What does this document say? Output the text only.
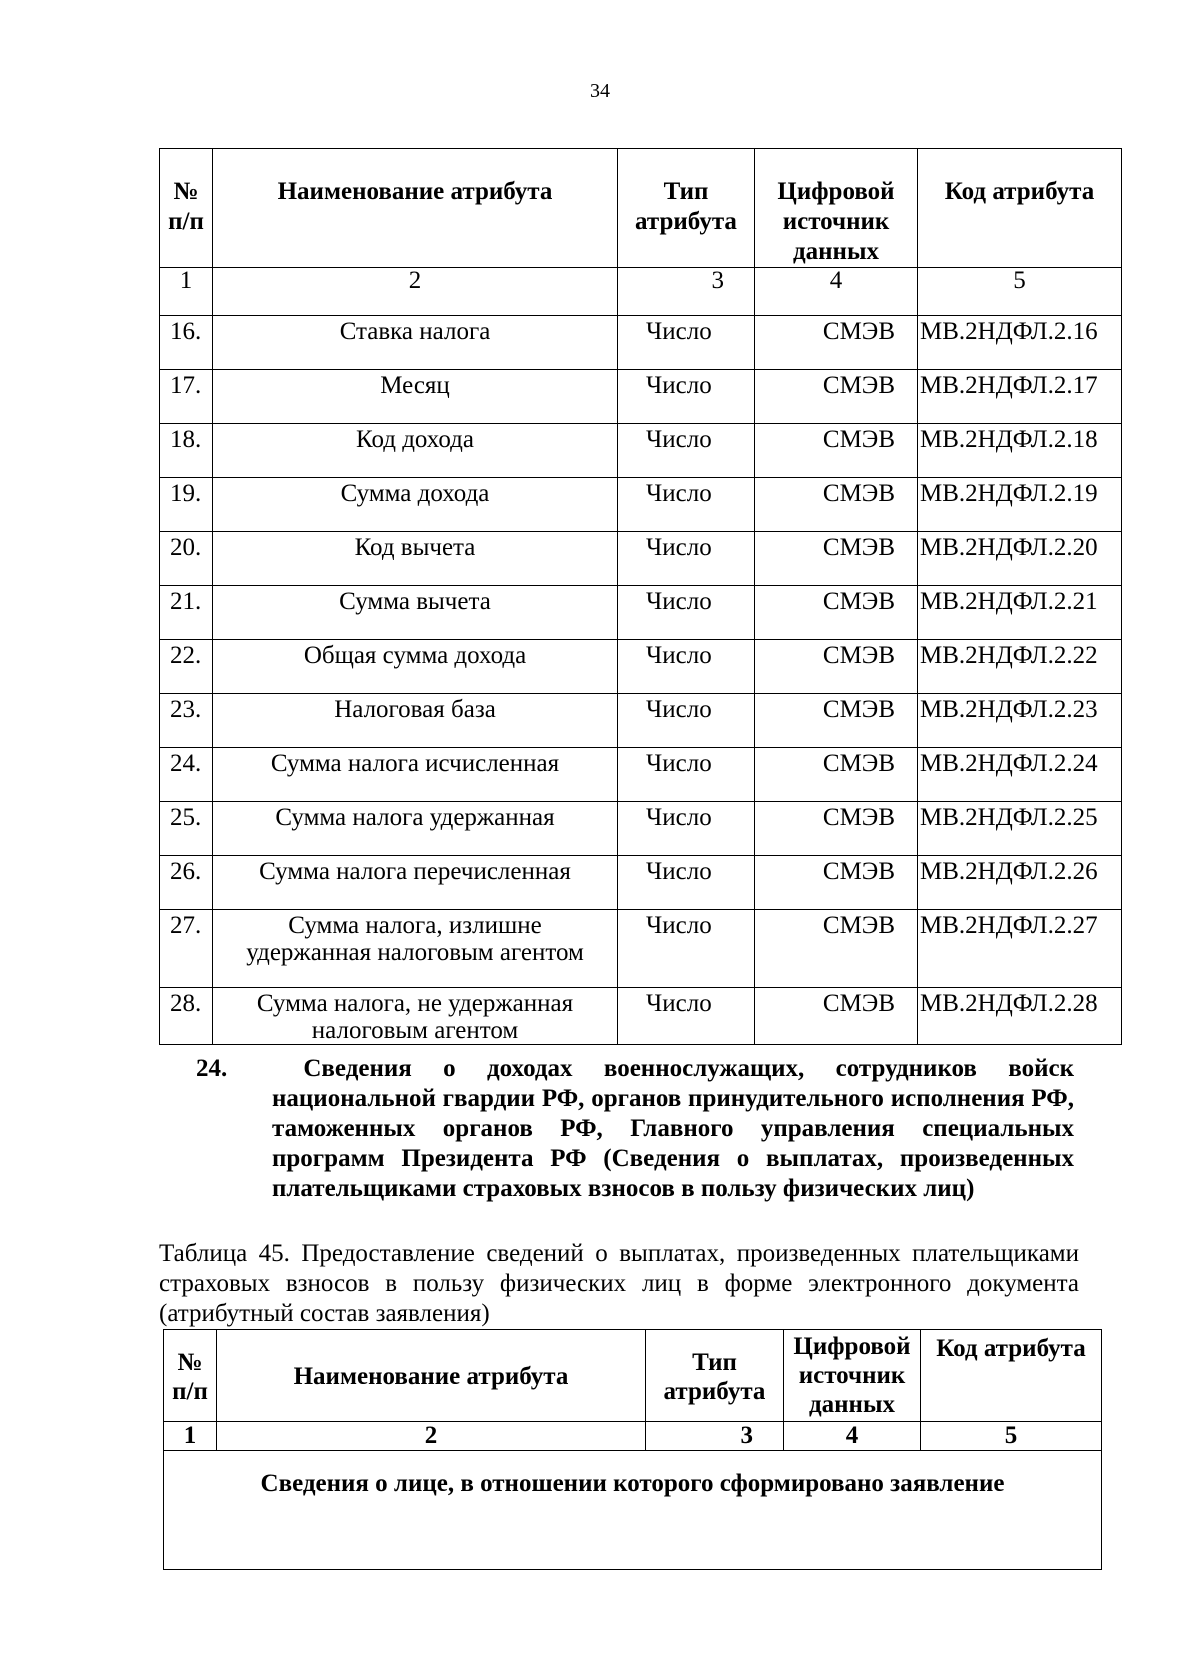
34
№ п/п	Наименование атрибута	Тип атрибута	Цифровой источник данных	Код атрибута
1	2	3	4	5
16.	Ставка налога	Число	СМЭВ	МВ.2НДФЛ.2.16
17.	Месяц	Число	СМЭВ	МВ.2НДФЛ.2.17
18.	Код дохода	Число	СМЭВ	МВ.2НДФЛ.2.18
19.	Сумма дохода	Число	СМЭВ	МВ.2НДФЛ.2.19
20.	Код вычета	Число	СМЭВ	МВ.2НДФЛ.2.20
21.	Сумма вычета	Число	СМЭВ	МВ.2НДФЛ.2.21
22.	Общая сумма дохода	Число	СМЭВ	МВ.2НДФЛ.2.22
23.	Налоговая база	Число	СМЭВ	МВ.2НДФЛ.2.23
24.	Сумма налога исчисленная	Число	СМЭВ	МВ.2НДФЛ.2.24
25.	Сумма налога удержанная	Число	СМЭВ	МВ.2НДФЛ.2.25
26.	Сумма налога перечисленная	Число	СМЭВ	МВ.2НДФЛ.2.26
27.	Сумма налога, излишне удержанная налоговым агентом	Число	СМЭВ	МВ.2НДФЛ.2.27
28.	Сумма налога, не удержанная налоговым агентом	Число	СМЭВ	МВ.2НДФЛ.2.28
24.	Сведения о доходах военнослужащих, сотрудников войск национальной гвардии РФ, органов принудительного исполнения РФ, таможенных органов РФ, Главного управления специальных программ Президента РФ (Сведения о выплатах, произведенных плательщиками страховых взносов в пользу физических лиц)
Таблица 45. Предоставление сведений о выплатах, произведенных плательщиками страховых взносов в пользу физических лиц в форме электронного документа (атрибутный состав заявления)
№ п/п	Наименование атрибута	Тип атрибута	Цифровой источник данных	Код атрибута
1	2	3	4	5
Сведения о лице, в отношении которого сформировано заявление				
